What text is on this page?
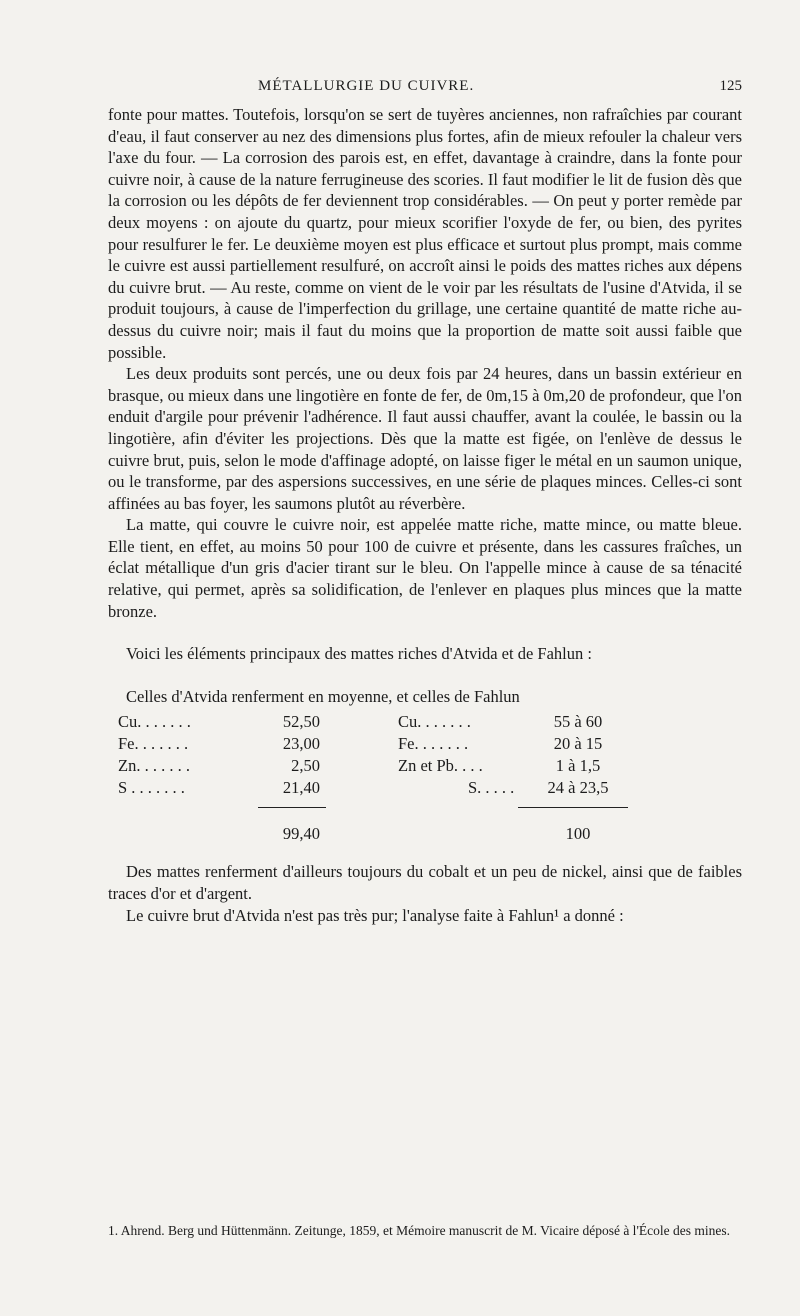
MÉTALLURGIE DU CUIVRE.	125

fonte pour mattes. Toutefois, lorsqu'on se sert de tuyères anciennes, non rafraîchies par courant d'eau, il faut conserver au nez des dimensions plus fortes, afin de mieux refouler la chaleur vers l'axe du four. — La corrosion des parois est, en effet, davantage à craindre, dans la fonte pour cuivre noir, à cause de la nature ferrugineuse des scories. Il faut modifier le lit de fusion dès que la corrosion ou les dépôts de fer deviennent trop considérables. — On peut y porter remède par deux moyens : on ajoute du quartz, pour mieux scorifier l'oxyde de fer, ou bien, des pyrites pour resulfurer le fer. Le deuxième moyen est plus efficace et surtout plus prompt, mais comme le cuivre est aussi partiellement resulfuré, on accroît ainsi le poids des mattes riches aux dépens du cuivre brut. — Au reste, comme on vient de le voir par les résultats de l'usine d'Atvida, il se produit toujours, à cause de l'imperfection du grillage, une certaine quantité de matte riche au-dessus du cuivre noir; mais il faut du moins que la proportion de matte soit aussi faible que possible.

Les deux produits sont percés, une ou deux fois par 24 heures, dans un bassin extérieur en brasque, ou mieux dans une lingotière en fonte de fer, de 0m,15 à 0m,20 de profondeur, que l'on enduit d'argile pour prévenir l'adhérence. Il faut aussi chauffer, avant la coulée, le bassin ou la lingotière, afin d'éviter les projections. Dès que la matte est figée, on l'enlève de dessus le cuivre brut, puis, selon le mode d'affinage adopté, on laisse figer le métal en un saumon unique, ou le transforme, par des aspersions successives, en une série de plaques minces. Celles-ci sont affinées au bas foyer, les saumons plutôt au réverbère.

La matte, qui couvre le cuivre noir, est appelée matte riche, matte mince, ou matte bleue. Elle tient, en effet, au moins 50 pour 100 de cuivre et présente, dans les cassures fraîches, un éclat métallique d'un gris d'acier tirant sur le bleu. On l'appelle mince à cause de sa ténacité relative, qui permet, après sa solidification, de l'enlever en plaques plus minces que la matte bronze.

Voici les éléments principaux des mattes riches d'Atvida et de Fahlun :

Celles d'Atvida renferment en moyenne, et celles de Fahlun

Cu. . . . . . .
Fe. . . . . . .
Zn. . . . . . .
S . . . . . . .
52,50
23,00
2,50
21,40
99,40
Cu. . . . . . .
Fe. . . . . . .
Zn et Pb. . . .
S. . . . .
55 à 60
20 à 15
1 à 1,5
24 à 23,5
100

Des mattes renferment d'ailleurs toujours du cobalt et un peu de nickel, ainsi que de faibles traces d'or et d'argent.

Le cuivre brut d'Atvida n'est pas très pur; l'analyse faite à Fahlun¹ a donné :

1. Ahrend. Berg und Hüttenmänn. Zeitunge, 1859, et Mémoire manuscrit de M. Vicaire déposé à l'École des mines.
